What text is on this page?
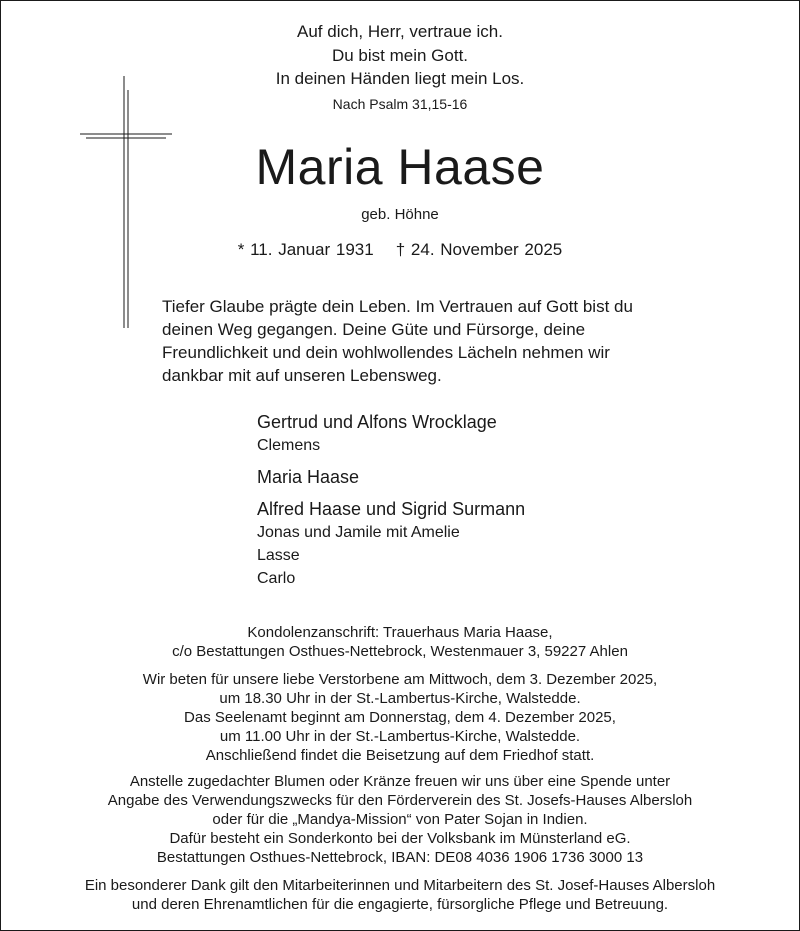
Auf dich, Herr, vertraue ich.
Du bist mein Gott.
In deinen Händen liegt mein Los.
Nach Psalm 31,15-16
Maria Haase
geb. Höhne
* 11. Januar 1931 † 24. November 2025
Tiefer Glaube prägte dein Leben. Im Vertrauen auf Gott bist du
deinen Weg gegangen. Deine Güte und Fürsorge, deine
Freundlichkeit und dein wohlwollendes Lächeln nehmen wir
dankbar mit auf unseren Lebensweg.
Gertrud und Alfons Wrocklage
Clemens
Maria Haase
Alfred Haase und Sigrid Surmann
Jonas und Jamile mit Amelie
Lasse
Carlo
Kondolenzanschrift: Trauerhaus Maria Haase,
c/o Bestattungen Osthues-Nettebrock, Westenmauer 3, 59227 Ahlen
Wir beten für unsere liebe Verstorbene am Mittwoch, dem 3. Dezember 2025,
um 18.30 Uhr in der St.-Lambertus-Kirche, Walstedde.
Das Seelenamt beginnt am Donnerstag, dem 4. Dezember 2025,
um 11.00 Uhr in der St.-Lambertus-Kirche, Walstedde.
Anschließend findet die Beisetzung auf dem Friedhof statt.
Anstelle zugedachter Blumen oder Kränze freuen wir uns über eine Spende unter
Angabe des Verwendungszwecks für den Förderverein des St. Josefs-Hauses Albersloh
oder für die „Mandya-Mission“ von Pater Sojan in Indien.
Dafür besteht ein Sonderkonto bei der Volksbank im Münsterland eG.
Bestattungen Osthues-Nettebrock, IBAN: DE08 4036 1906 1736 3000 13
Ein besonderer Dank gilt den Mitarbeiterinnen und Mitarbeitern des St. Josef-Hauses Albersloh
und deren Ehrenamtlichen für die engagierte, fürsorgliche Pflege und Betreuung.
